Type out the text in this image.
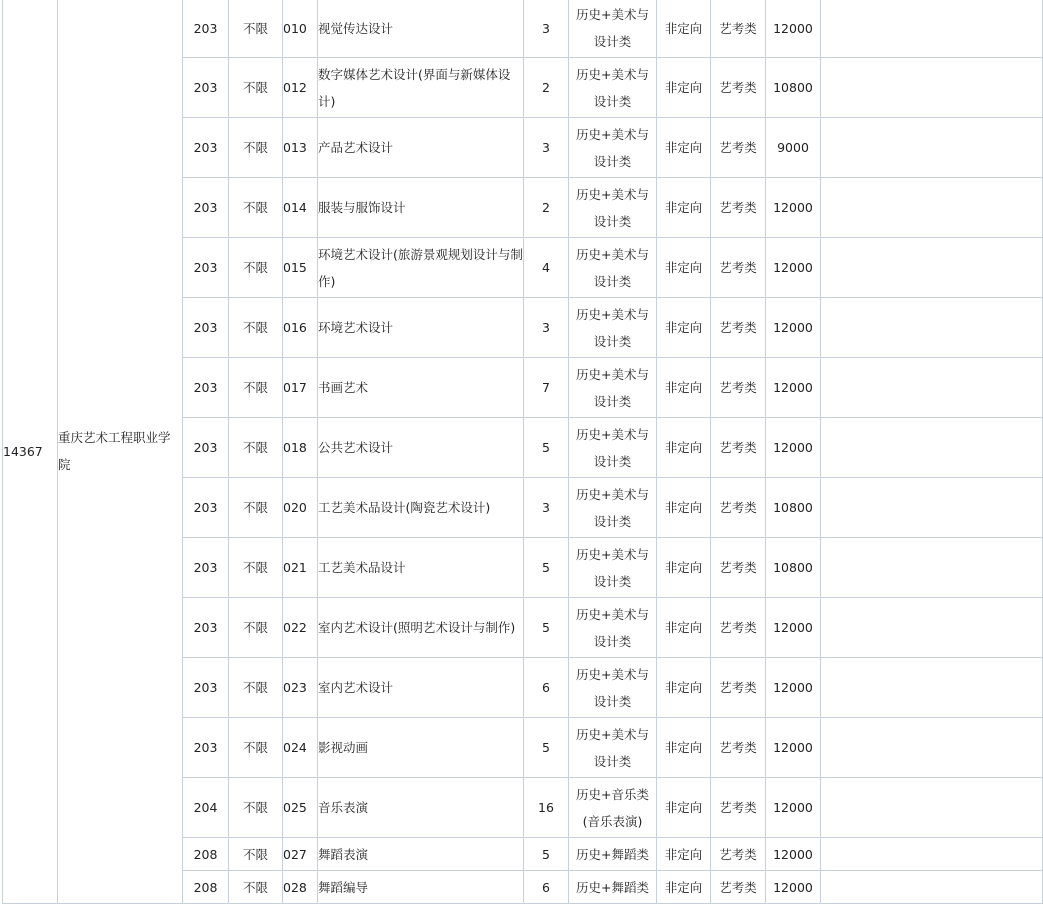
14367	重庆艺术工程职业学院	203	不限	010	视觉传达设计	3	历史+美术与
设计类	非定向	艺考类	12000	
		203	不限	012	数字媒体艺术设计(界面与新媒体设计)	2	历史+美术与
设计类	非定向	艺考类	10800	
		203	不限	013	产品艺术设计	3	历史+美术与
设计类	非定向	艺考类	9000	
		203	不限	014	服装与服饰设计	2	历史+美术与
设计类	非定向	艺考类	12000	
		203	不限	015	环境艺术设计(旅游景观规划设计与制
作)	4	历史+美术与
设计类	非定向	艺考类	12000	
		203	不限	016	环境艺术设计	3	历史+美术与
设计类	非定向	艺考类	12000	
		203	不限	017	书画艺术	7	历史+美术与
设计类	非定向	艺考类	12000	
		203	不限	018	公共艺术设计	5	历史+美术与
设计类	非定向	艺考类	12000	
		203	不限	020	工艺美术品设计(陶瓷艺术设计)	3	历史+美术与
设计类	非定向	艺考类	10800	
		203	不限	021	工艺美术品设计	5	历史+美术与
设计类	非定向	艺考类	10800	
		203	不限	022	室内艺术设计(照明艺术设计与制作)	5	历史+美术与
设计类	非定向	艺考类	12000	
		203	不限	023	室内艺术设计	6	历史+美术与
设计类	非定向	艺考类	12000	
		203	不限	024	影视动画	5	历史+美术与
设计类	非定向	艺考类	12000	
		204	不限	025	音乐表演	16	历史+音乐类
(音乐表演)	非定向	艺考类	12000	
		208	不限	027	舞蹈表演	5	历史+舞蹈类	非定向	艺考类	12000	
		208	不限	028	舞蹈编导	6	历史+舞蹈类	非定向	艺考类	12000	
